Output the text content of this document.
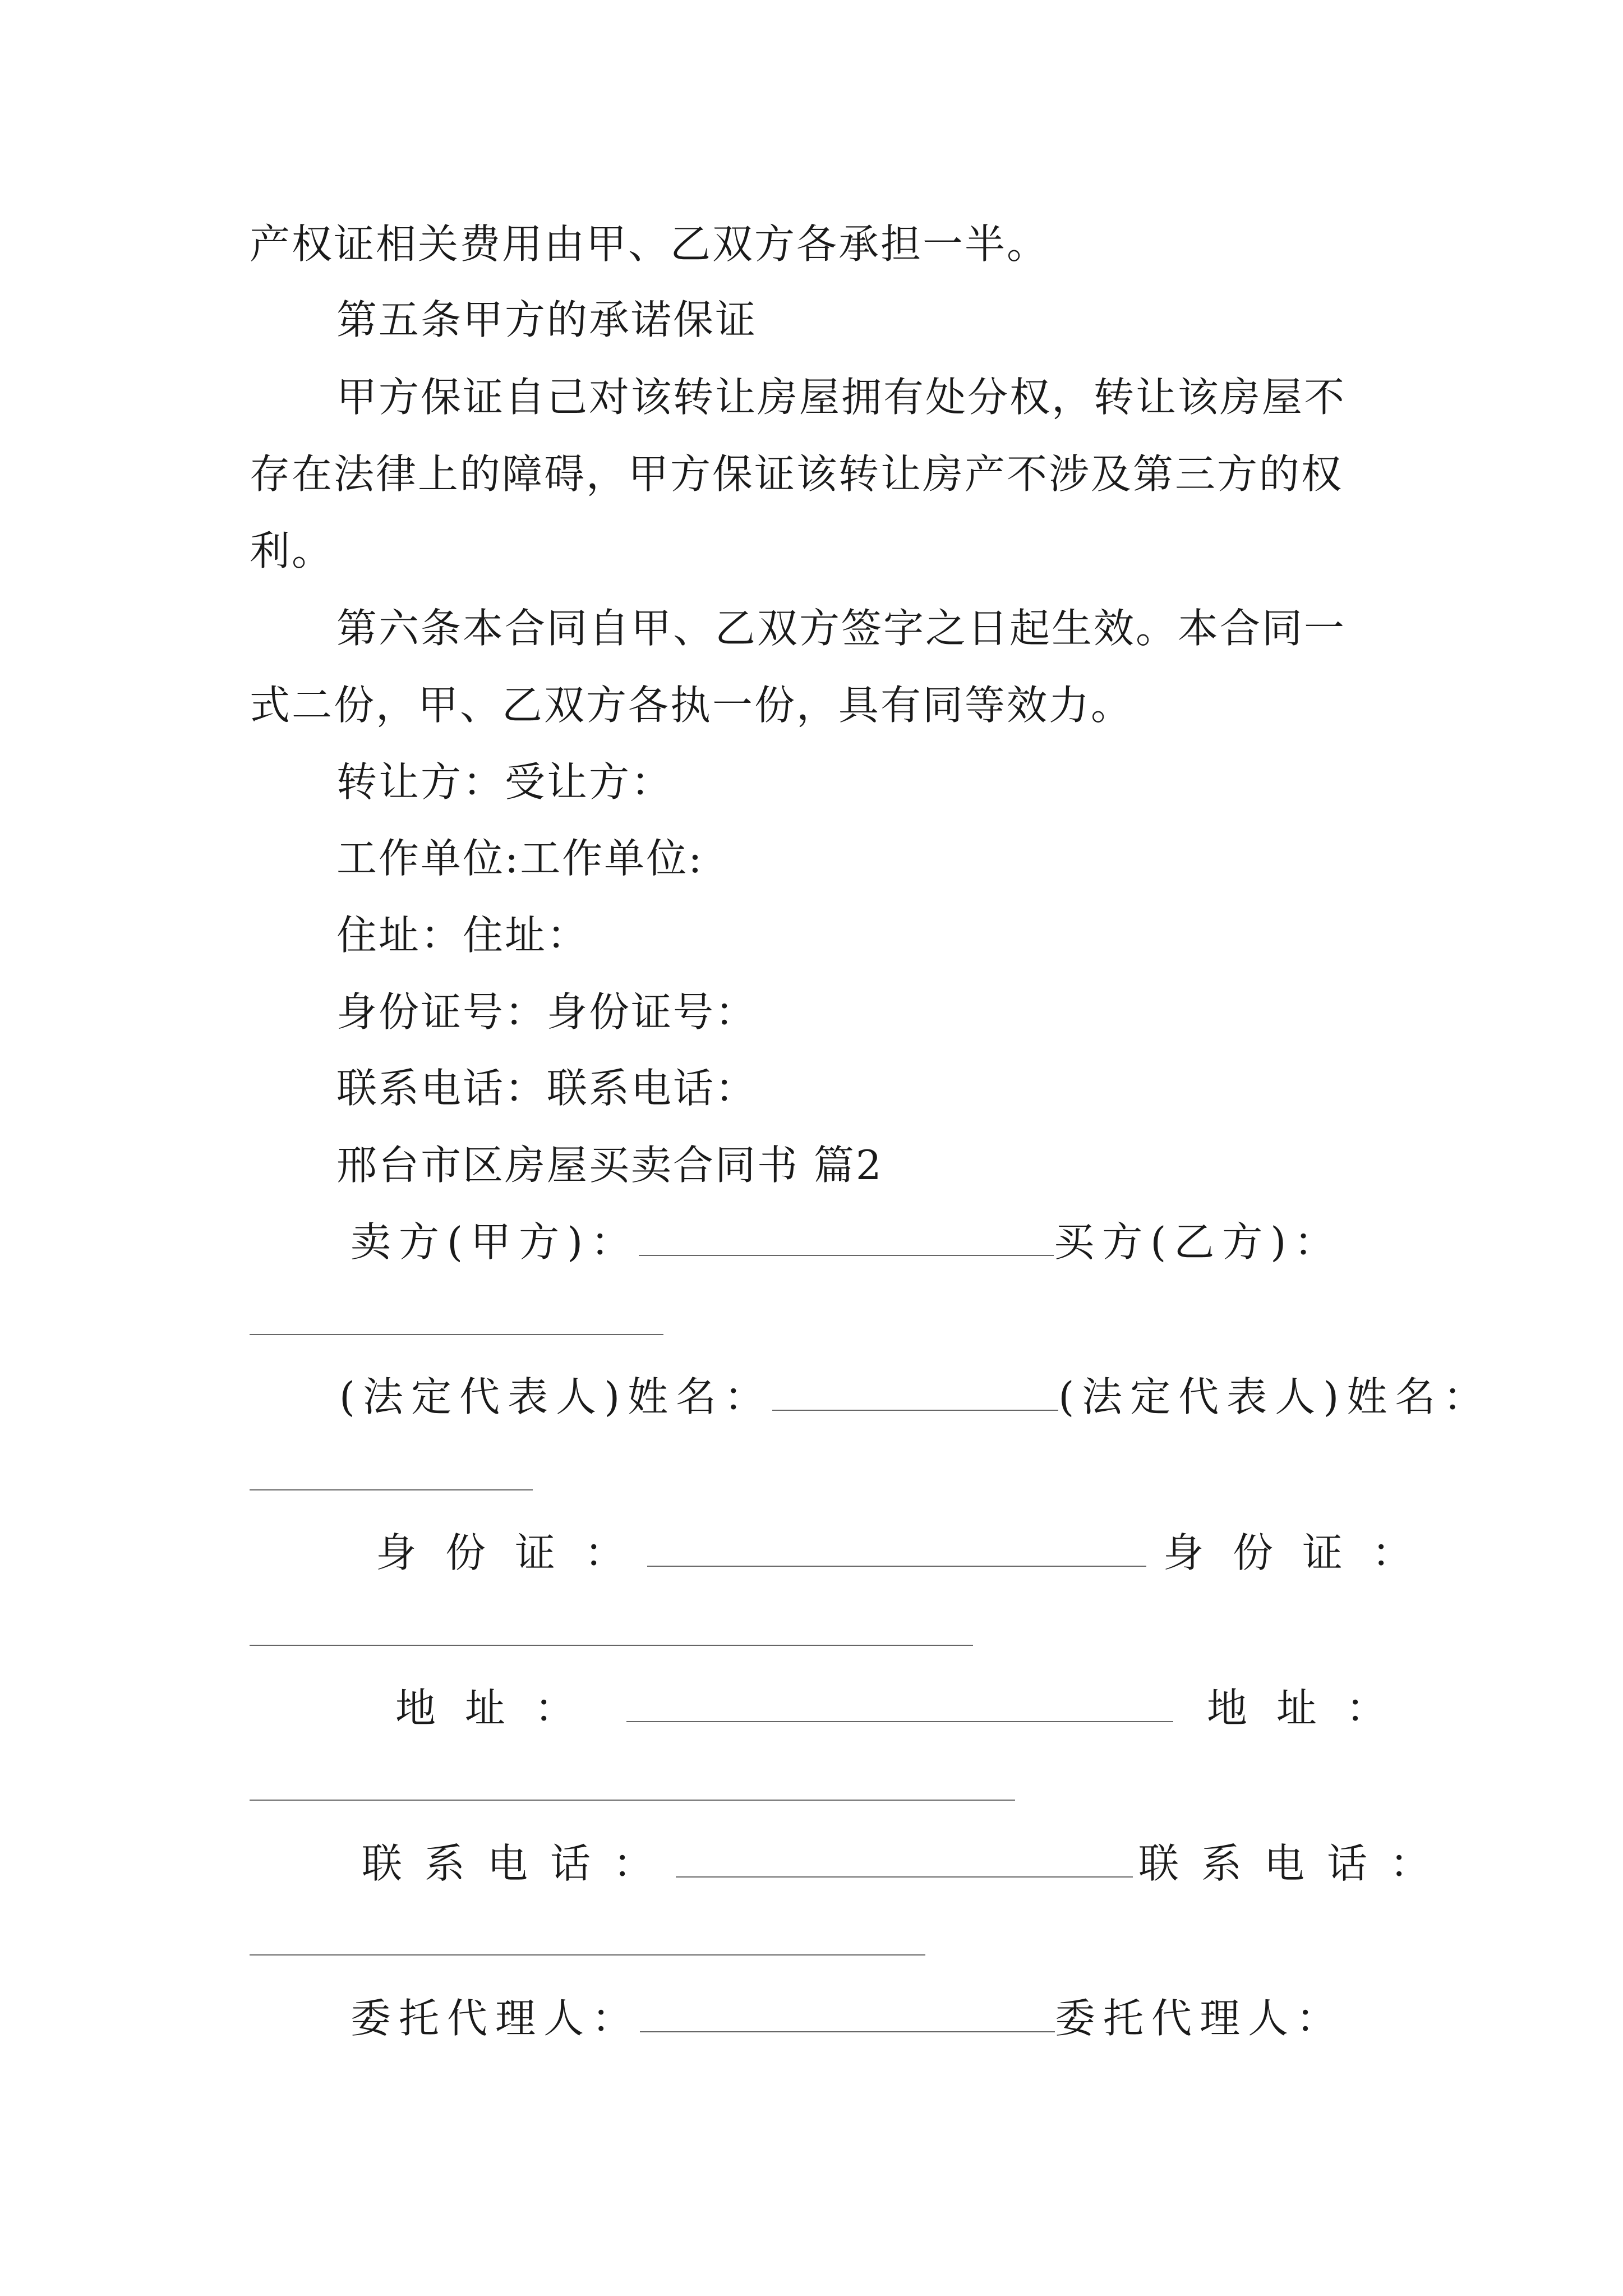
产权证相关费用由甲、乙双方各承担一半。
第五条甲方的承诺保证
甲方保证自己对该转让房屋拥有处分权，转让该房屋不
存在法律上的障碍，甲方保证该转让房产不涉及第三方的权
利。
第六条本合同自甲、乙双方签字之日起生效。本合同一
式二份，甲、乙双方各执一份，具有同等效力。
转让方：受让方：
工作单位:工作单位:
住址：住址：
身份证号：身份证号：
联系电话：联系电话：
邢台市区房屋买卖合同书 篇2
卖方(甲方)：	买方(乙方)：
(法定代表人)姓名：	(法定代表人)姓名：
身份证：	身份证：
地址：	地址：
联系电话：	联系电话：
委托代理人：	委托代理人：
